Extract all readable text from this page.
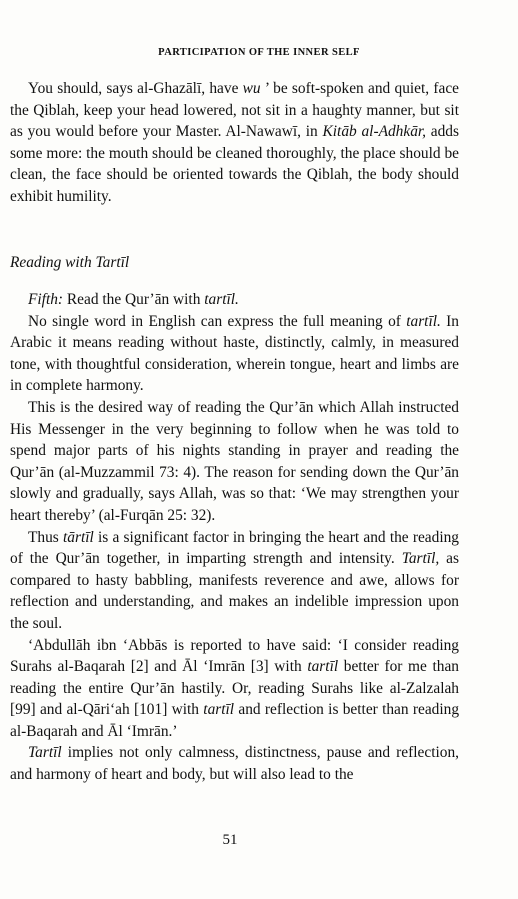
PARTICIPATION OF THE INNER SELF

You should, says al-Ghazālī, have wu ’ be soft-spoken and quiet, face the Qiblah, keep your head lowered, not sit in a haughty manner, but sit as you would before your Master. Al-Nawawī, in Kitāb al-Adhkār, adds some more: the mouth should be cleaned thoroughly, the place should be clean, the face should be oriented towards the Qiblah, the body should exhibit humility.

Reading with Tartīl

Fifth: Read the Qur’ān with tartīl.

No single word in English can express the full meaning of tartīl. In Arabic it means reading without haste, distinctly, calmly, in measured tone, with thoughtful consideration, wherein tongue, heart and limbs are in complete harmony.

This is the desired way of reading the Qur’ān which Allah instructed His Messenger in the very beginning to follow when he was told to spend major parts of his nights standing in prayer and reading the Qur’ān (al-Muzzammil 73: 4). The reason for sending down the Qur’ān slowly and gradually, says Allah, was so that: ‘We may strengthen your heart thereby’ (al-Furqān 25: 32).

Thus tārtīl is a significant factor in bringing the heart and the reading of the Qur’ān together, in imparting strength and intensity. Tartīl, as compared to hasty babbling, manifests reverence and awe, allows for reflection and understanding, and makes an indelible impression upon the soul.

‘Abdullāh ibn ‘Abbās is reported to have said: ‘I consider reading Surahs al-Baqarah [2] and Āl ‘Imrān [3] with tartīl better for me than reading the entire Qur’ān hastily. Or, reading Surahs like al-Zalzalah [99] and al-Qāri‘ah [101] with tartīl and reflection is better than reading al-Baqarah and Āl ‘Imrān.’

Tartīl implies not only calmness, distinctness, pause and reflection, and harmony of heart and body, but will also lead to the

51
